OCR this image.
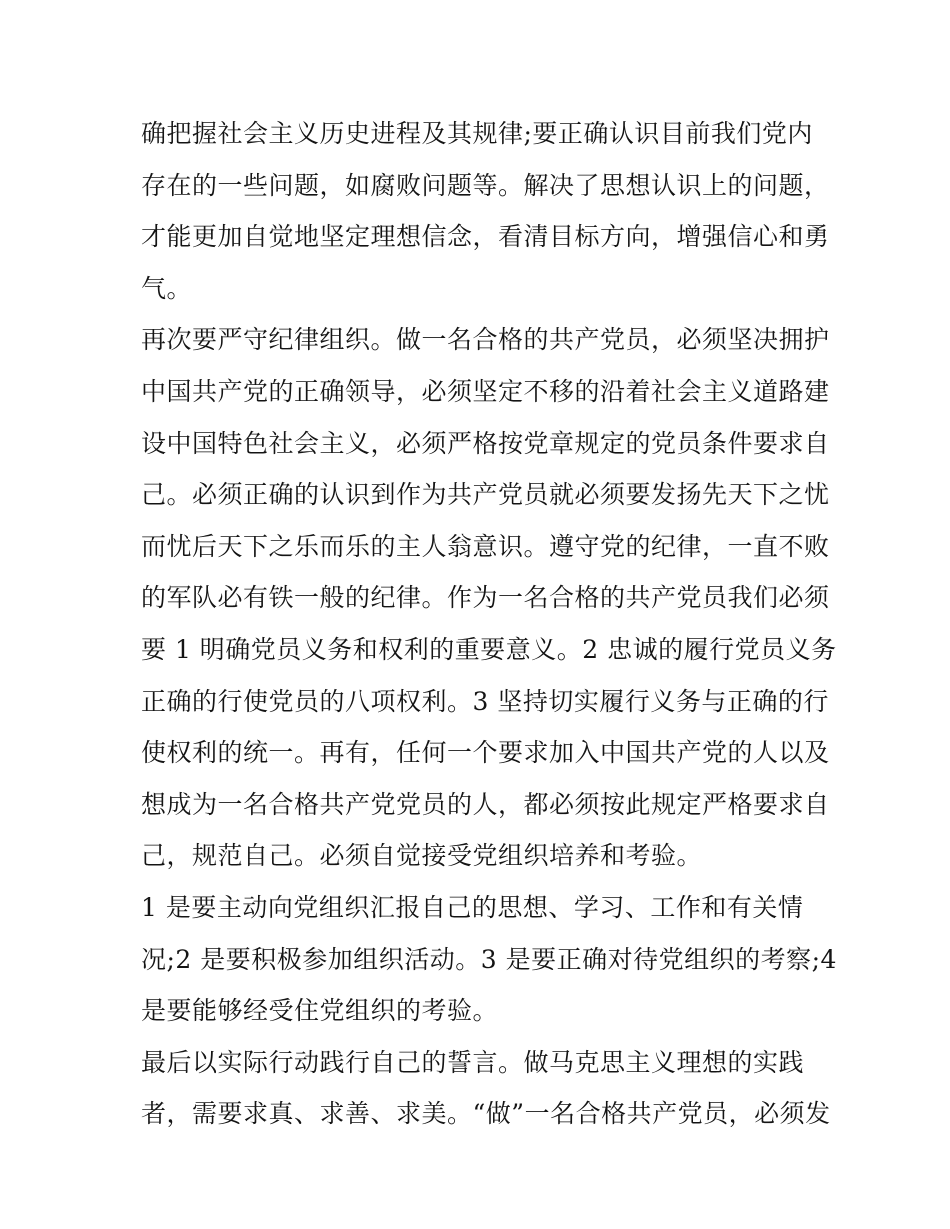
确把握社会主义历史进程及其规律;要正确认识目前我们党内
存在的一些问题，如腐败问题等。解决了思想认识上的问题，
才能更加自觉地坚定理想信念，看清目标方向，增强信心和勇
气。
再次要严守纪律组织。做一名合格的共产党员，必须坚决拥护
中国共产党的正确领导，必须坚定不移的沿着社会主义道路建
设中国特色社会主义，必须严格按党章规定的党员条件要求自
己。必须正确的认识到作为共产党员就必须要发扬先天下之忧
而忧后天下之乐而乐的主人翁意识。遵守党的纪律，一直不败
的军队必有铁一般的纪律。作为一名合格的共产党员我们必须
要 1 明确党员义务和权利的重要意义。2 忠诚的履行党员义务
正确的行使党员的八项权利。3 坚持切实履行义务与正确的行
使权利的统一。再有，任何一个要求加入中国共产党的人以及
想成为一名合格共产党党员的人，都必须按此规定严格要求自
己，规范自己。必须自觉接受党组织培养和考验。
1 是要主动向党组织汇报自己的思想、学习、工作和有关情
况;2 是要积极参加组织活动。3 是要正确对待党组织的考察;4
是要能够经受住党组织的考验。
最后以实际行动践行自己的誓言。做马克思主义理想的实践
者，需要求真、求善、求美。“做”一名合格共产党员，必须发
